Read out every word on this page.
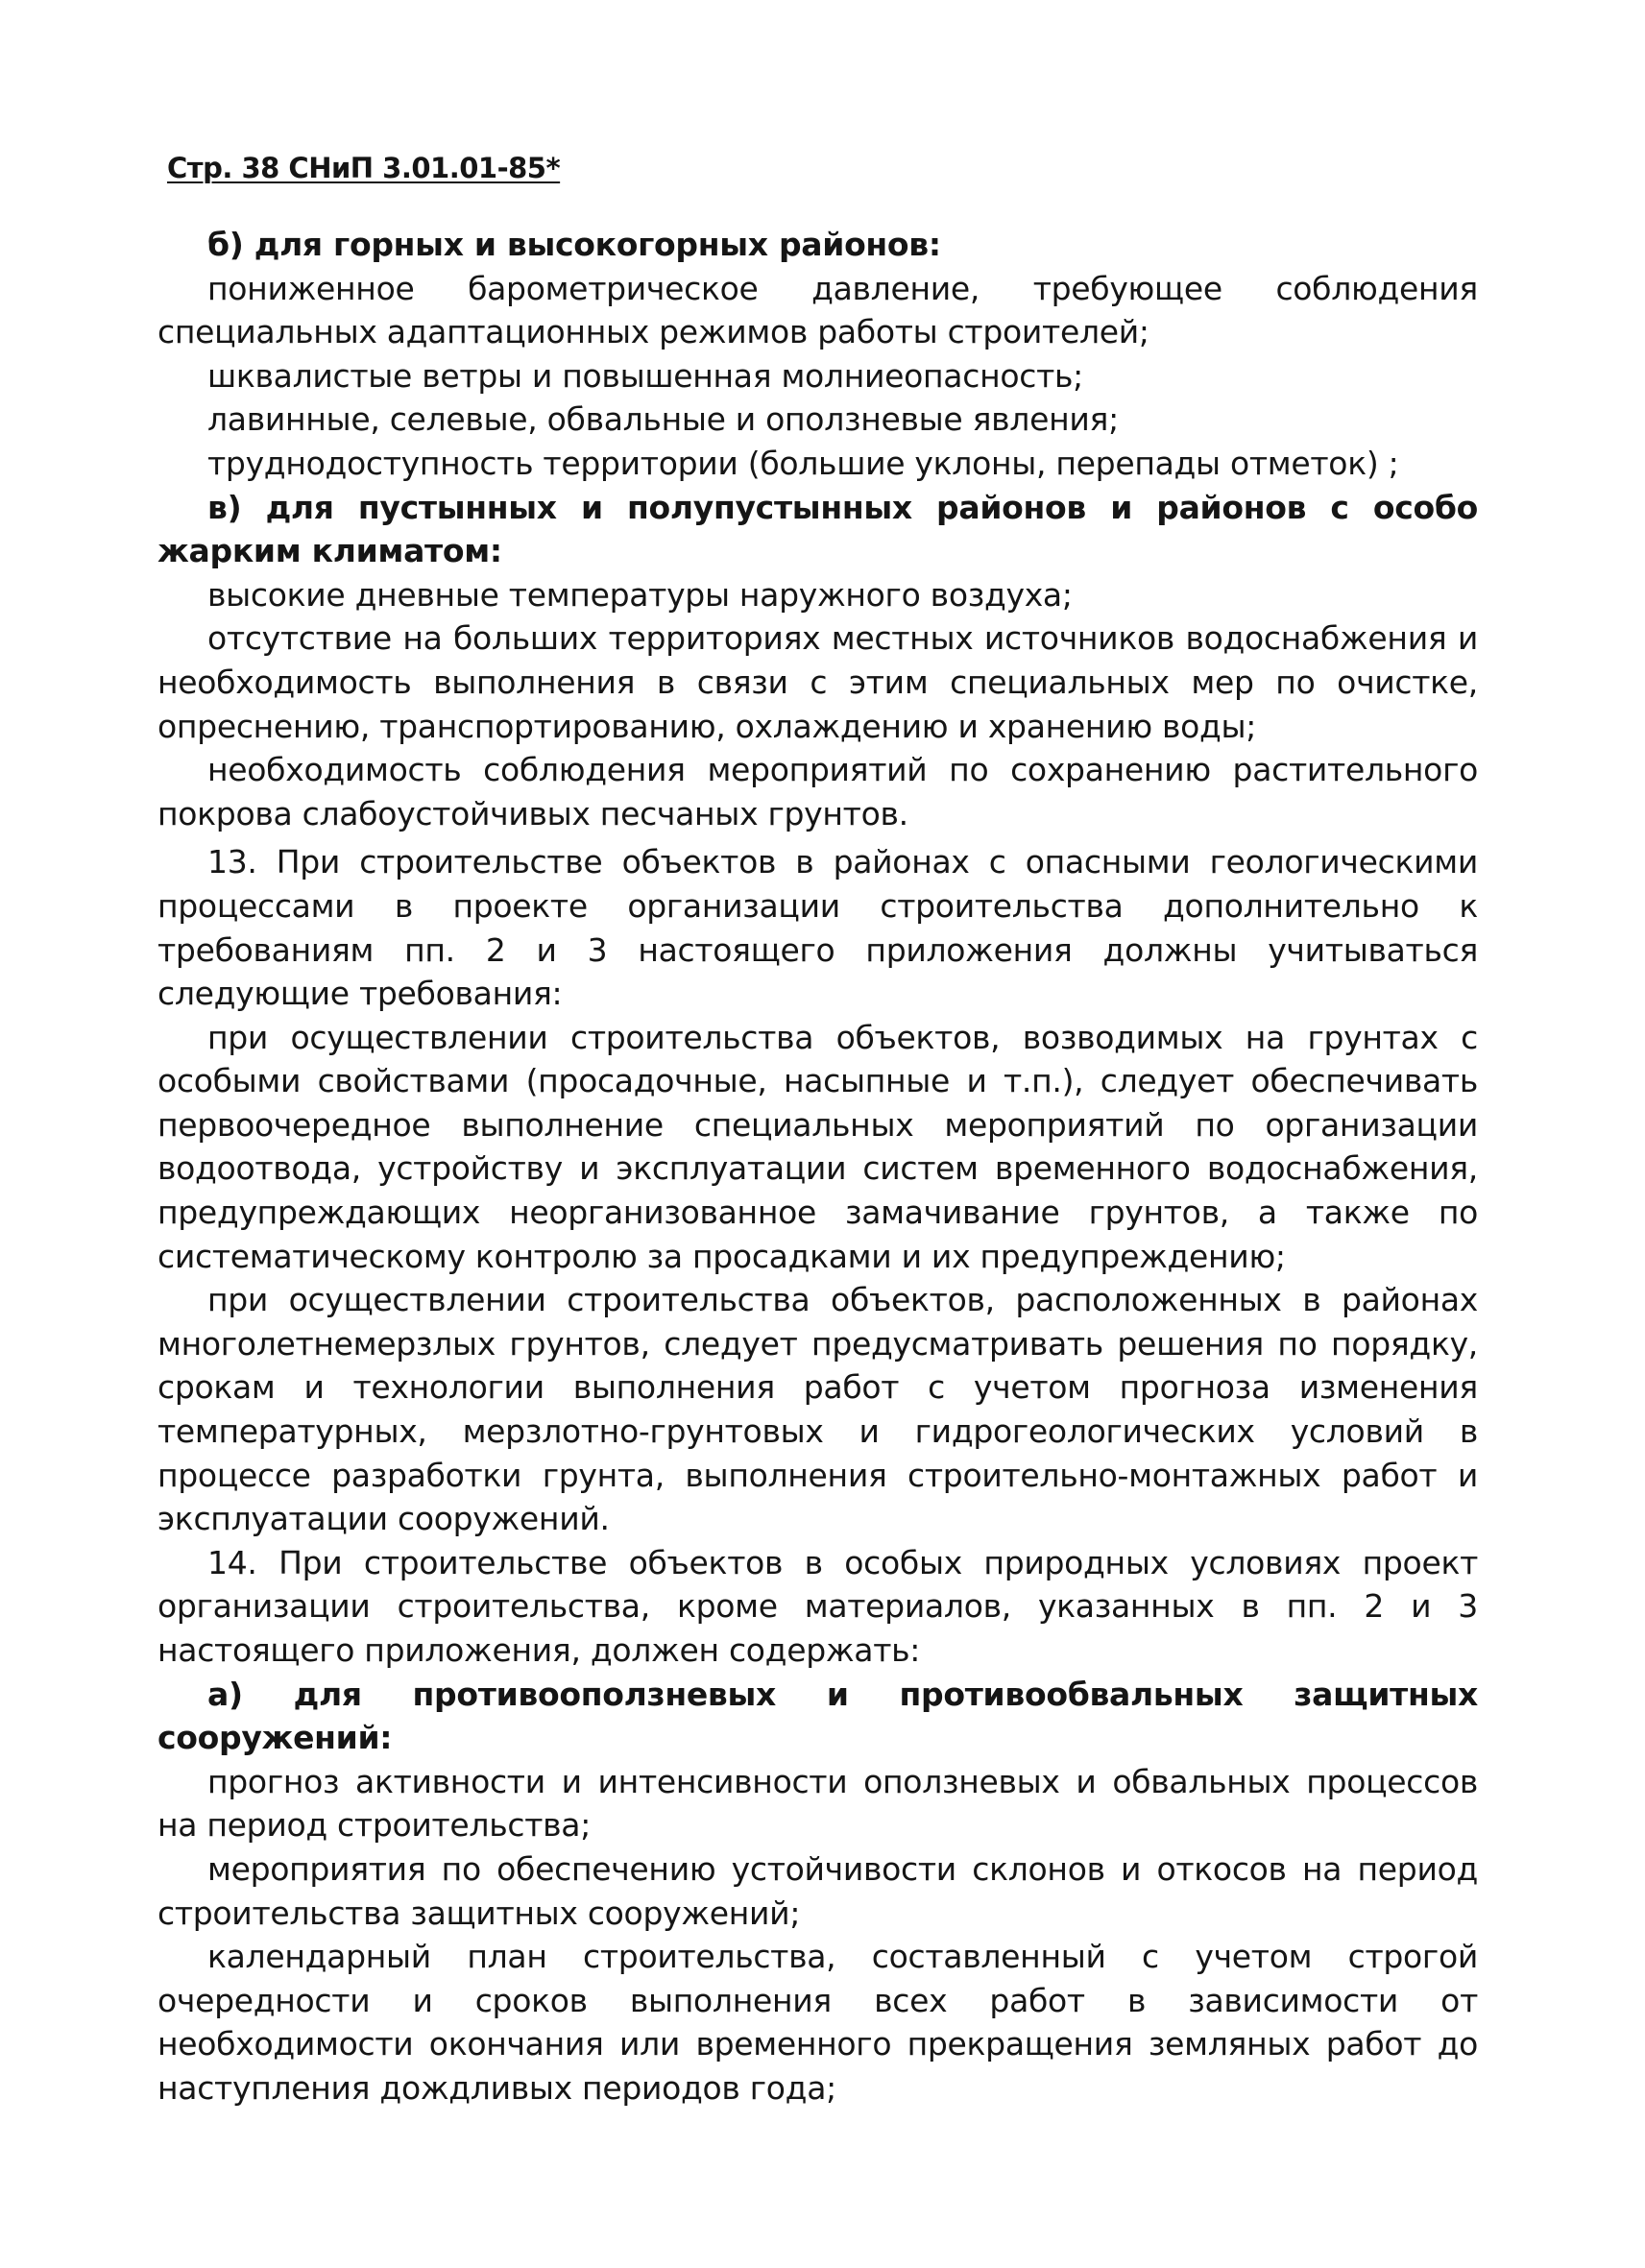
Стр. 38 СНиП 3.01.01-85*

б) для горных и высокогорных районов:

пониженное барометрическое давление, требующее соблюдения специальных адаптационных режимов работы строителей;

шквалистые ветры и повышенная молниеопасность;

лавинные, селевые, обвальные и оползневые явления;

труднодоступность территории (большие уклоны, перепады отметок) ;

в) для пустынных и полупустынных районов и районов с особо жарким климатом:

высокие дневные температуры наружного воздуха;

отсутствие на больших территориях местных источников водоснабжения и необходимость выполнения в связи с этим специальных мер по очистке, опреснению, транспортированию, охлаждению и хранению воды;

необходимость соблюдения мероприятий по сохранению растительного покрова слабоустойчивых песчаных грунтов.

13. При строительстве объектов в районах с опасными геологическими процессами в проекте организации строительства дополнительно к требованиям пп. 2 и 3 настоящего приложения должны учитываться следующие требования:

при осуществлении строительства объектов, возводимых на грунтах с особыми свойствами (просадочные, насыпные и т.п.), следует обеспечивать первоочередное выполнение специальных мероприятий по организации водоотвода, устройству и эксплуатации систем временного водоснабжения, предупреждающих неорганизованное замачивание грунтов, а также по систематическому контролю за просадками и их предупреждению;

при осуществлении строительства объектов, расположенных в районах многолетнемерзлых грунтов, следует предусматривать решения по порядку, срокам и технологии выполнения работ с учетом прогноза изменения температурных, мерзлотно-грунтовых и гидрогеологических условий в процессе разработки грунта, выполнения строительно-монтажных работ и эксплуатации сооружений.

14. При строительстве объектов в особых природных условиях проект организации строительства, кроме материалов, указанных в пп. 2 и 3 настоящего приложения, должен содержать:

а) для противооползневых и противообвальных защитных сооружений:

прогноз активности и интенсивности оползневых и обвальных процессов на период строительства;

мероприятия по обеспечению устойчивости склонов и откосов на период строительства защитных сооружений;

календарный план строительства, составленный с учетом строгой очередности и сроков выполнения всех работ в зависимости от необходимости окончания или временного прекращения земляных работ до наступления дождливых периодов года;
